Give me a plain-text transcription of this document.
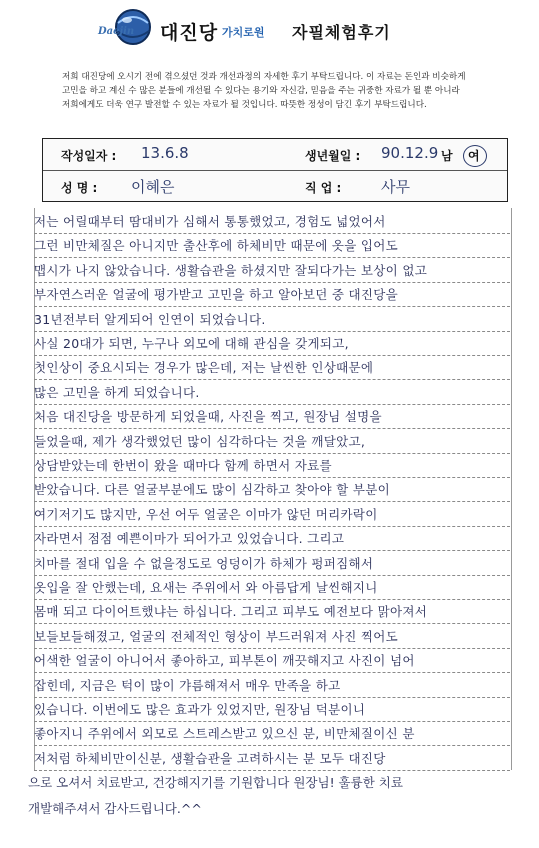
Daejin 대진당 가치로원 자필체험후기
저희 대진당에 오시기 전에 겪으셨던 것과 개선과정의 자세한 후기 부탁드립니다. 이 자료는 돈인과 비슷하게 고민을 하고 계신 수 많은 분들에 개선될 수 있다는 용기와 자신감, 믿음을 주는 귀중한 자료가 될 뿐 아니라 저희에게도 더욱 연구 발전할 수 있는 자료가 될 것입니다. 따뜻한 정성이 담긴 후기 부탁드립니다.
작성일자 : 13.6.8	생년월일 : 90.12.9 남 여
성 명 : 이혜은	직 업 :	사무
저는 어릴때부터 땀대비가 심해서 통통했었고, 경험도 넓었어서
그런 비만체질은 아니지만 출산후에 하체비만 때문에 옷을 입어도
맵시가 나지 않았습니다. 생활습관을 하셨지만 잘되다가는 보상이 없고
부자연스러운 얼굴에 평가받고 고민을 하고 알아보던 중 대진당을
31년전부터 알게되어 인연이 되었습니다.
사실 20대가 되면, 누구나 외모에 대해 관심을 갖게되고,
첫인상이 중요시되는 경우가 많은데, 저는 날씬한 인상때문에
많은 고민을 하게 되었습니다.
처음 대진당을 방문하게 되었을때, 사진을 찍고, 원장님 설명을
들었을때, 제가 생각했었던 많이 심각하다는 것을 깨달았고,
상담받았는데 한번이 왔을 때마다 함께 하면서 자료를
받았습니다. 다른 얼굴부분에도 많이 심각하고 찾아야 할 부분이
여기저기도 많지만, 우선 어두 얼굴은 이마가 않던 머리카락이
자라면서 점점 예쁜이마가 되어가고 있었습니다. 그리고
치마를 절대 입을 수 없을정도로 엉덩이가 하체가 펑퍼짐해서
옷입을 잘 안했는데, 요새는 주위에서 와 아름답게 날씬해지니
몸매 되고 다이어트했냐는 하십니다. 그리고 피부도 예전보다 맑아져서
보들보들해졌고, 얼굴의 전체적인 형상이 부드러워져 사진 찍어도
어색한 얼굴이 아니어서 좋아하고, 피부톤이 깨끗해지고 사진이 넘어
잡힌데, 지금은 턱이 많이 갸름해져서 매우 만족을 하고
있습니다. 이번에도 많은 효과가 있었지만, 원장님 덕분이니
좋아지니 주위에서 외모로 스트레스받고 있으신 분, 비만체질이신 분
저처럼 하체비만이신분, 생활습관을 고려하시는 분 모두 대진당
으로 오셔서 치료받고, 건강해지기를 기원합니다 원장님! 훌륭한 치료
개발해주셔서 감사드립니다.^^
